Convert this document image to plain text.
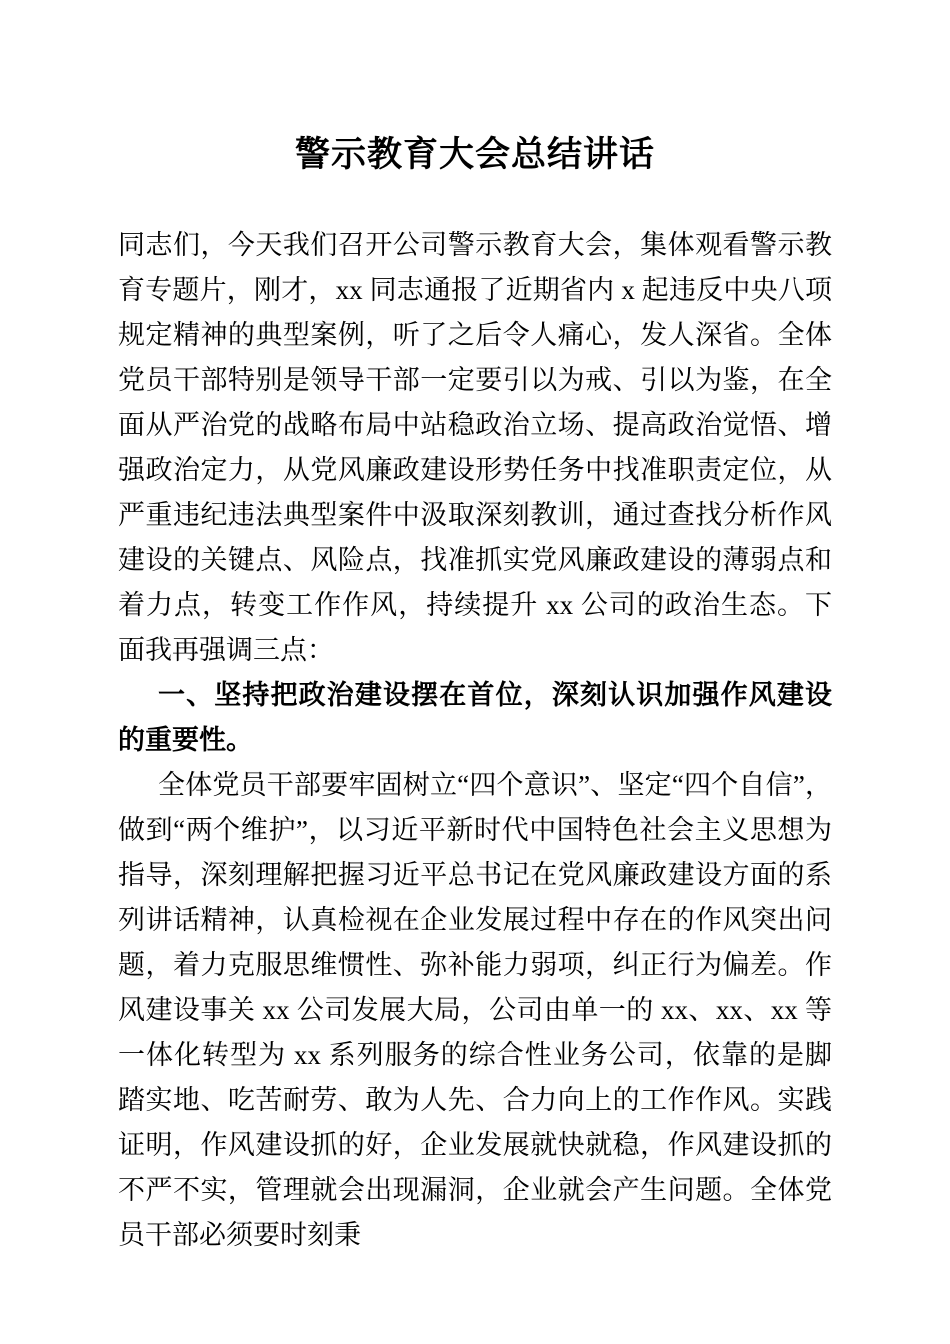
警示教育大会总结讲话

同志们，今天我们召开公司警示教育大会，集体观看警示教育专题片，刚才，xx 同志通报了近期省内 x 起违反中央八项规定精神的典型案例，听了之后令人痛心，发人深省。全体党员干部特别是领导干部一定要引以为戒、引以为鉴，在全面从严治党的战略布局中站稳政治立场、提高政治觉悟、增强政治定力，从党风廉政建设形势任务中找准职责定位，从严重违纪违法典型案件中汲取深刻教训，通过查找分析作风建设的关键点、风险点，找准抓实党风廉政建设的薄弱点和着力点，转变工作作风，持续提升 xx 公司的政治生态。下面我再强调三点：

一、坚持把政治建设摆在首位，深刻认识加强作风建设的重要性。

全体党员干部要牢固树立“四个意识”、坚定“四个自信”，做到“两个维护”，以习近平新时代中国特色社会主义思想为指导，深刻理解把握习近平总书记在党风廉政建设方面的系列讲话精神，认真检视在企业发展过程中存在的作风突出问题，着力克服思维惯性、弥补能力弱项，纠正行为偏差。作风建设事关 xx 公司发展大局，公司由单一的 xx、xx、xx 等一体化转型为 xx 系列服务的综合性业务公司，依靠的是脚踏实地、吃苦耐劳、敢为人先、合力向上的工作作风。实践证明，作风建设抓的好，企业发展就快就稳，作风建设抓的不严不实，管理就会出现漏洞，企业就会产生问题。全体党员干部必须要时刻秉
